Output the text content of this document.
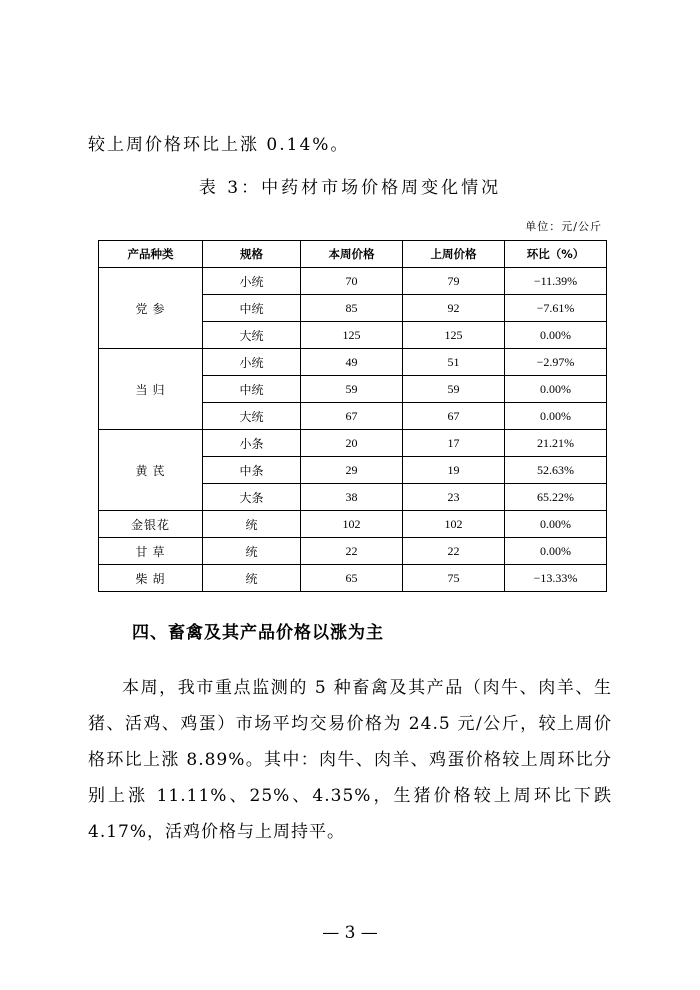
较上周价格环比上涨 0.14%。
表 3：中药材市场价格周变化情况
单位：元/公斤
产品种类	规格	本周价格	上周价格	环比（%）
党 参	小统	70	79	−11.39%
	中统	85	92	−7.61%
	大统	125	125	0.00%
当 归	小统	49	51	−2.97%
	中统	59	59	0.00%
	大统	67	67	0.00%
黄 芪	小条	20	17	21.21%
	中条	29	19	52.63%
	大条	38	23	65.22%
金银花	统	102	102	0.00%
甘 草	统	22	22	0.00%
柴 胡	统	65	75	−13.33%
四、畜禽及其产品价格以涨为主
本周，我市重点监测的 5 种畜禽及其产品（肉牛、肉羊、生猪、活鸡、鸡蛋）市场平均交易价格为 24.5 元/公斤，较上周价格环比上涨 8.89%。其中：肉牛、肉羊、鸡蛋价格较上周环比分别上涨 11.11%、25%、4.35%，生猪价格较上周环比下跌 4.17%，活鸡价格与上周持平。
— 3 —
